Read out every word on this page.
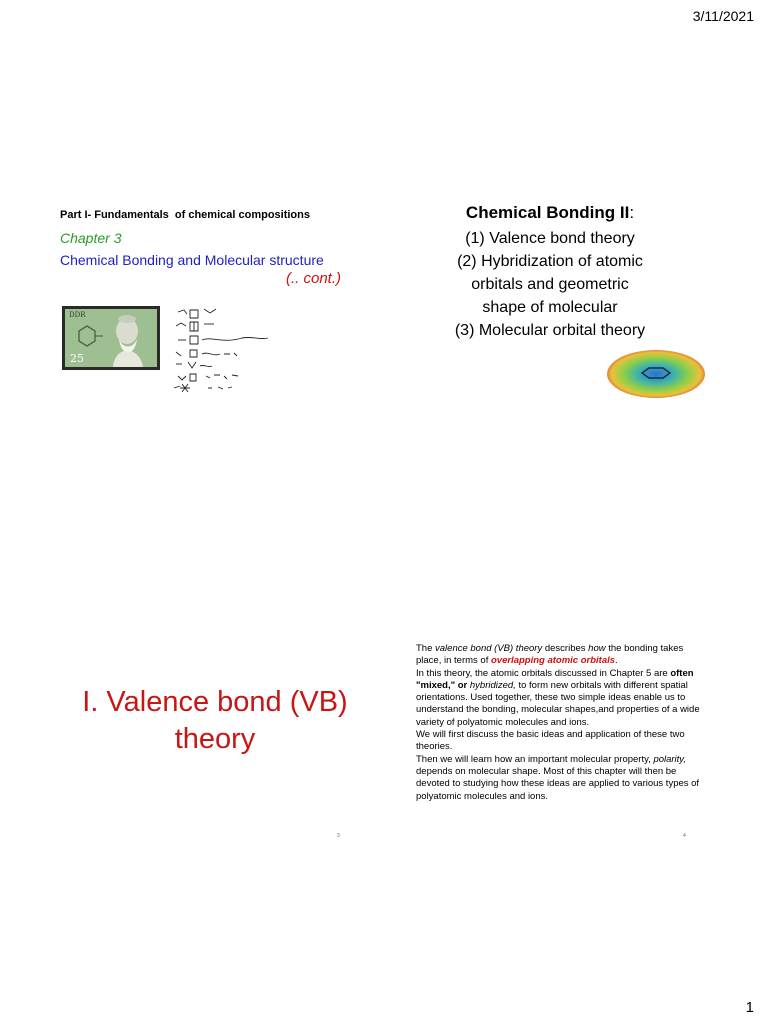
3/11/2021
Part I- Fundamentals  of chemical compositions
Chapter 3
Chemical Bonding and Molecular structure
(.. cont.)
DDR
25
Chemical Bonding II:
(1) Valence bond theory
(2) Hybridization of atomic
orbitals and geometric
shape of molecular
(3) Molecular orbital theory
I. Valence bond (VB) theory
3

The valence bond (VB) theory describes how the bonding takes place, in terms of overlapping atomic orbitals.

In this theory, the atomic orbitals discussed in Chapter 5 are often "mixed," or hybridized, to form new orbitals with different spatial orientations. Used together, these two simple ideas enable us to understand the bonding, molecular shapes,and properties of a wide variety of polyatomic molecules and ions.

We will first discuss the basic ideas and application of these two theories.

Then we will learn how an important molecular property, polarity, depends on molecular shape. Most of this chapter will then be devoted to studying how these ideas are applied to various types of polyatomic molecules and ions.

4
1
